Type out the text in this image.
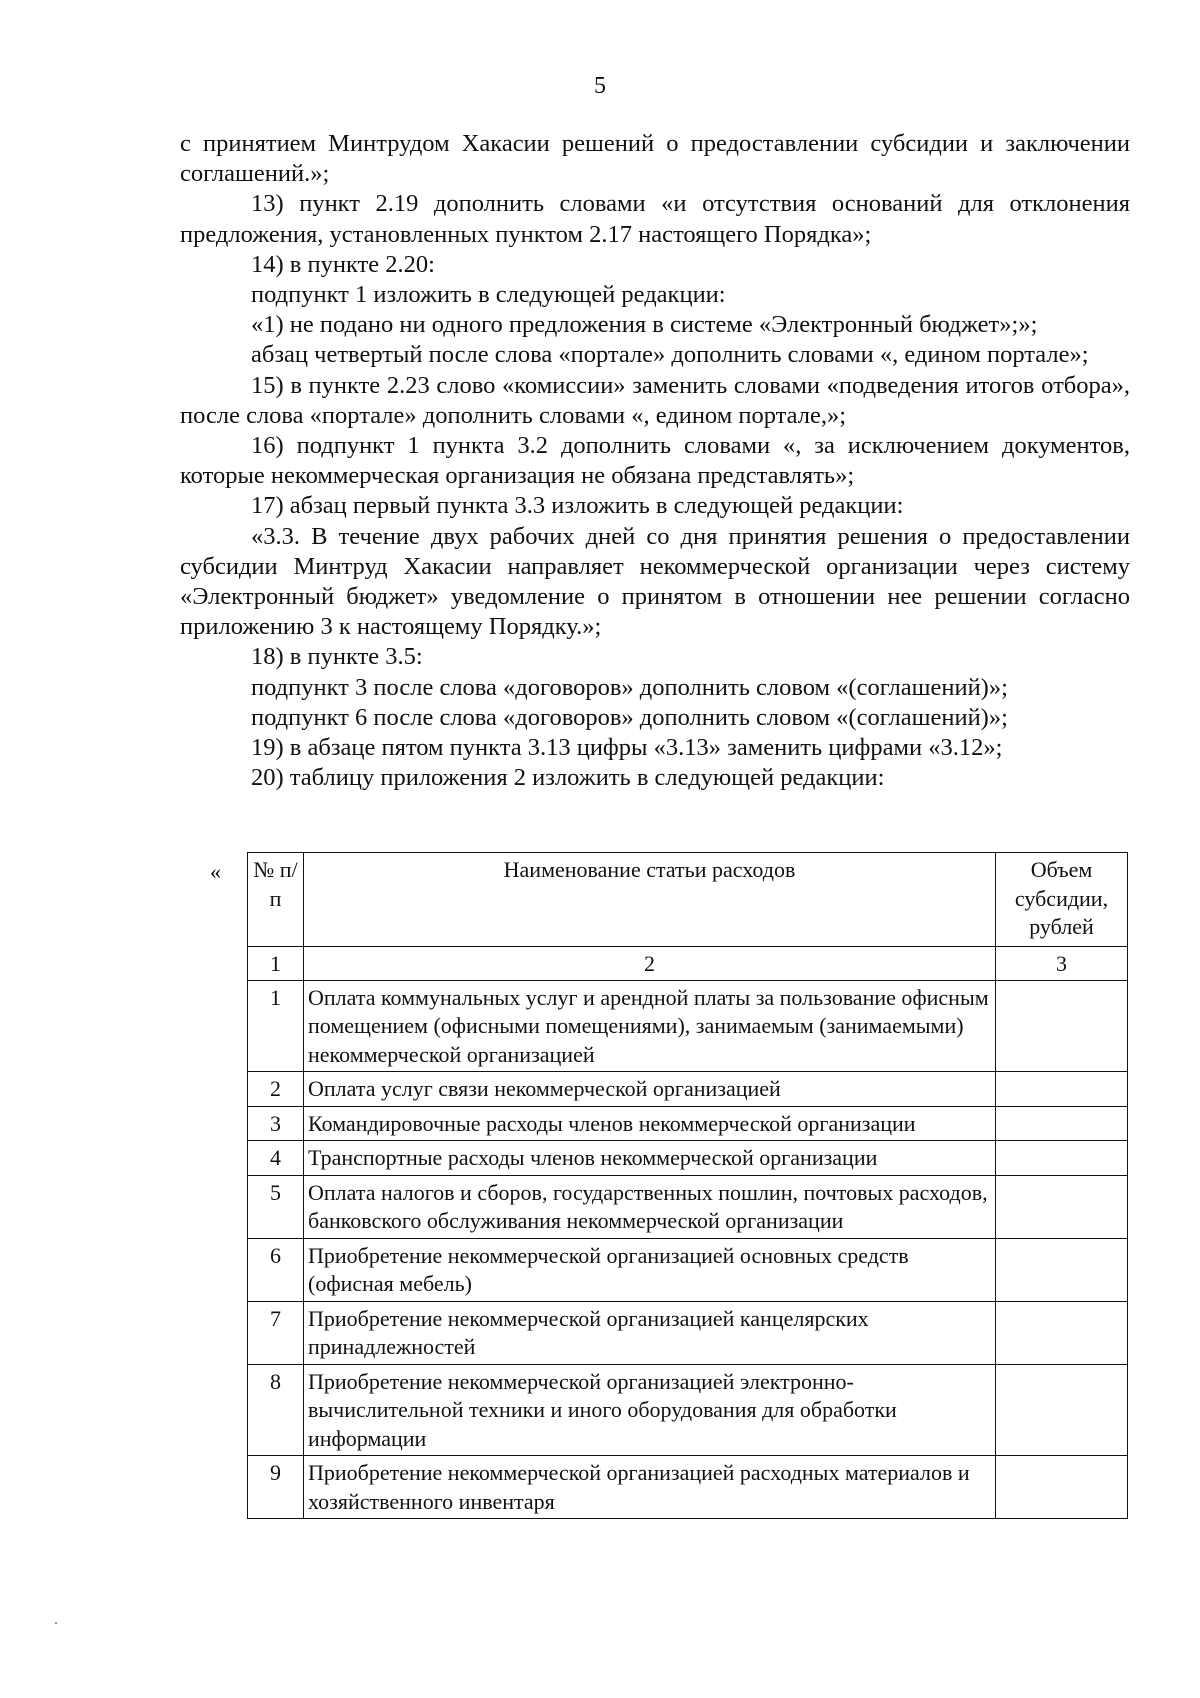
5

с принятием Минтрудом Хакасии решений о предоставлении субсидии и заключении соглашений.»;

13) пункт 2.19 дополнить словами «и отсутствия оснований для отклонения предложения, установленных пунктом 2.17 настоящего Порядка»;

14) в пункте 2.20:

подпункт 1 изложить в следующей редакции:

«1) не подано ни одного предложения в системе «Электронный бюджет»;»;

абзац четвертый после слова «портале» дополнить словами «, едином портале»;

15) в пункте 2.23 слово «комиссии» заменить словами «подведения итогов отбора», после слова «портале» дополнить словами «, едином портале,»;

16) подпункт 1 пункта 3.2 дополнить словами «, за исключением документов, которые некоммерческая организация не обязана представлять»;

17) абзац первый пункта 3.3 изложить в следующей редакции:

«3.3. В течение двух рабочих дней со дня принятия решения о предоставлении субсидии Минтруд Хакасии направляет некоммерческой организации через систему «Электронный бюджет» уведомление о принятом в отношении нее решении согласно приложению 3 к настоящему Порядку.»;

18) в пункте 3.5:

подпункт 3 после слова «договоров» дополнить словом «(соглашений)»;

подпункт 6 после слова «договоров» дополнить словом «(соглашений)»;

19) в абзаце пятом пункта 3.13 цифры «3.13» заменить цифрами «3.12»;

20) таблицу приложения 2 изложить в следующей редакции:

« № п/п	Наименование статьи расходов	Объем субсидии, рублей
1	2	3
1	Оплата коммунальных услуг и арендной платы за пользование офисным помещением (офисными помещениями), занимаемым (занимаемыми) некоммерческой организацией	
2	Оплата услуг связи некоммерческой организацией	
3	Командировочные расходы членов некоммерческой организации	
4	Транспортные расходы членов некоммерческой организации	
5	Оплата налогов и сборов, государственных пошлин, почтовых расходов, банковского обслуживания некоммерческой организации	
6	Приобретение некоммерческой организацией основных средств (офисная мебель)	
7	Приобретение некоммерческой организацией канцелярских принадлежностей	
8	Приобретение некоммерческой организацией электронно-вычислительной техники и иного оборудования для обработки информации	
9	Приобретение некоммерческой организацией расходных материалов и хозяйственного инвентаря	
